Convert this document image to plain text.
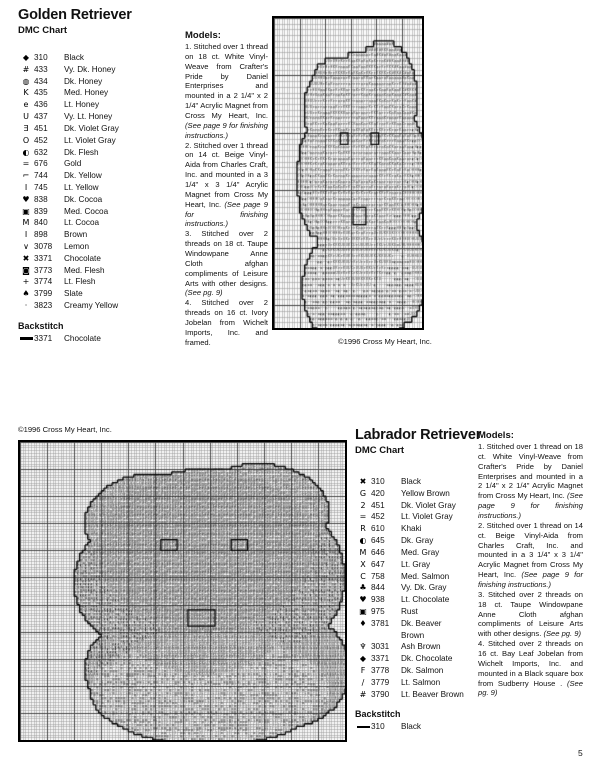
Golden Retriever
DMC Chart
◆ 310	Black
# 433	Vy. Dk. Honey
◍ 434	Dk. Honey
K 435	Med. Honey
e 436	Lt. Honey
U 437	Vy. Lt. Honey
Ǝ 451	Dk. Violet Gray
O 452	Lt. Violet Gray
◐ 632	Dk. Flesh
= 676	Gold
⌐ 744	Dk. Yellow
I 745	Lt. Yellow
♥ 838	Dk. Cocoa
▣ 839	Med. Cocoa
M 840	Lt. Cocoa
I 898	Brown
∨ 3078	Lemon
✖ 3371	Chocolate
◙ 3773	Med. Flesh
+ 3774	Lt. Flesh
♠ 3799	Slate
· 3823	Creamy Yellow
Backstitch
3371	Chocolate
Models:

1. Stitched over 1 thread on 18 ct. White Vinyl-Weave from Crafter's Pride by Daniel Enterprises and mounted in a 2 1/4" x 2 1/4" Acrylic Magnet from Cross My Heart, Inc. (See page 9 for finishing instructions.)

2. Stitched over 1 thread on 14 ct. Beige Vinyl-Aida from Charles Craft, Inc. and mounted in a 3 1/4" x 3 1/4" Acrylic Magnet from Cross My Heart, Inc. (See page 9 for finishing instructions.)

3. Stitched over 2 threads on 18 ct. Taupe Windowpane Anne Cloth afghan compliments of Leisure Arts with other designs. (See pg. 9)

4. Stitched over 2 threads on 16 ct. Ivory Jobelan from Wichelt Imports, Inc. and framed.	©1996 Cross My Heart, Inc.
©1996 Cross My Heart, Inc.	Labrador Retriever
DMC Chart
✖ 310	Black
G 420	Yellow Brown
2 451	Dk. Violet Gray
= 452	Lt. Violet Gray
R 610	Khaki
◐ 645	Dk. Gray
M 646	Med. Gray
X 647	Lt. Gray
C 758	Med. Salmon
♣ 844	Vy. Dk. Gray
♥ 938	Lt. Chocolate
▣ 975	Rust
♦ 3781	Dk. Beaver
Brown
♆ 3031	Ash Brown
◆ 3371	Dk. Chocolate
F 3778	Dk. Salmon
∕ 3779	Lt. Salmon
# 3790	Lt. Beaver Brown
Backstitch
310	Black
Models:

1. Stitched over 1 thread on 18 ct. White Vinyl-Weave from Crafter's Pride by Daniel Enterprises and mounted in a 2 1/4" x 2 1/4" Acrylic Magnet from Cross My Heart, Inc. (See page 9 for finishing instructions.)

2. Stitched over 1 thread on 14 ct. Beige Vinyl-Aida from Charles Craft, Inc. and mounted in a 3 1/4" x 3 1/4" Acrylic Magnet from Cross My Heart, Inc. (See page 9 for finishing instructions.)

3. Stitched over 2 threads on 18 ct. Taupe Windowpane Anne Cloth afghan compliments of Leisure Arts with other designs. (See pg. 9)

4. Stitched over 2 threads on 16 ct. Bay Leaf Jobelan from Wichelt Imports, Inc. and mounted in a Black square box from Sudberry House . (See pg. 9)

5
